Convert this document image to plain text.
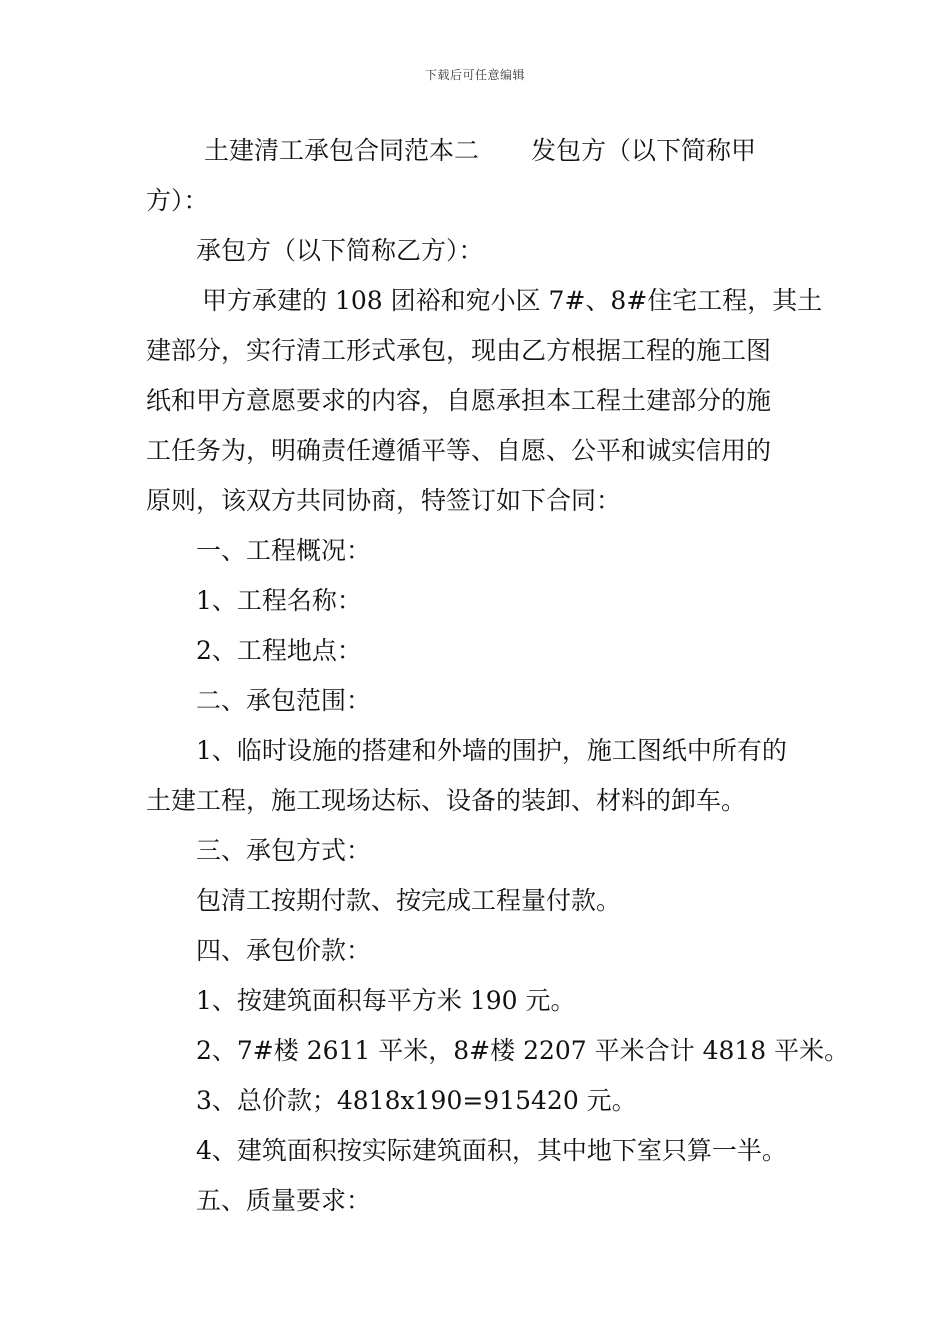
下载后可任意编辑
土建清工承包合同范本二 发包方（以下简称甲
方）：
承包方（以下简称乙方）：
甲方承建的 108 团裕和宛小区 7#、8#住宅工程，其土
建部分，实行清工形式承包，现由乙方根据工程的施工图
纸和甲方意愿要求的内容，自愿承担本工程土建部分的施
工任务为，明确责任遵循平等、自愿、公平和诚实信用的
原则，该双方共同协商，特签订如下合同：
一、工程概况：
1、工程名称：
2、工程地点：
二、承包范围：
1、临时设施的搭建和外墙的围护，施工图纸中所有的
土建工程，施工现场达标、设备的装卸、材料的卸车。
三、承包方式：
包清工按期付款、按完成工程量付款。
四、承包价款：
1、按建筑面积每平方米 190 元。
2、7#楼 2611 平米，8#楼 2207 平米合计 4818 平米。
3、总价款；4818x190=915420 元。
4、建筑面积按实际建筑面积，其中地下室只算一半。
五、质量要求：
